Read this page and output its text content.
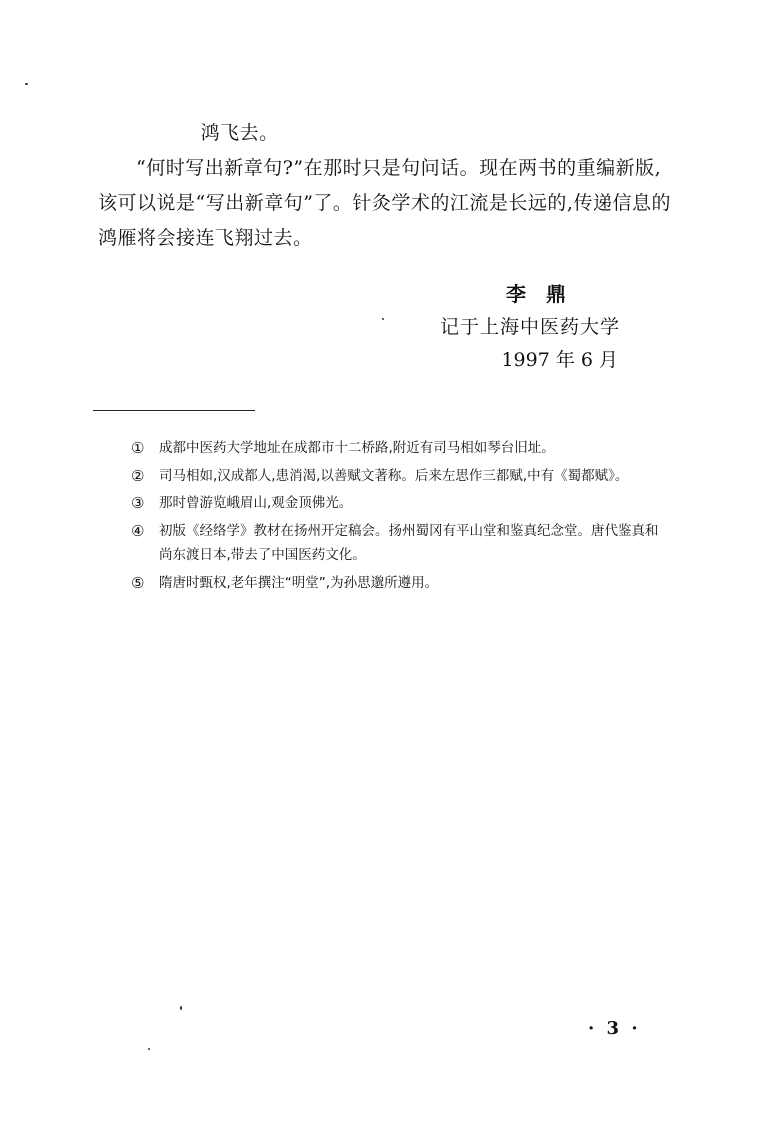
鸿飞去。

“何时写出新章句?”在那时只是句问话。现在两书的重编新版,该可以说是“写出新章句”了。针灸学术的江流是长远的,传递信息的鸿雁将会接连飞翔过去。

李鼎
记于上海中医药大学
1997 年 6 月
① 成都中医药大学地址在成都市十二桥路,附近有司马相如琴台旧址。
② 司马相如,汉成都人,患消渴,以善赋文著称。后来左思作三都赋,中有《蜀都赋》。
③ 那时曾游览峨眉山,观金顶佛光。
④ 初版《经络学》教材在扬州开定稿会。扬州蜀冈有平山堂和鉴真纪念堂。唐代鉴真和尚东渡日本,带去了中国医药文化。
⑤ 隋唐时甄权,老年撰注“明堂”,为孙思邈所遵用。
· 3 ·
